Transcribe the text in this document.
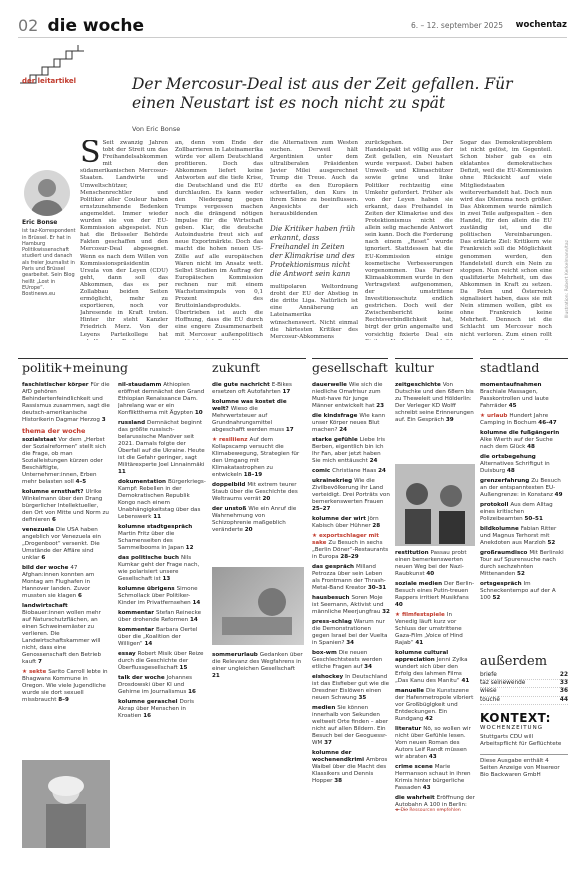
02 die woche	6. – 12. september 2025 wochentaz
der leitartikel	Der Mercosur-Deal ist aus der Zeit gefallen. Für einen Neustart ist es noch nicht zu spät
Von Eric Bonse
Eric Bonse
ist taz-Korrespondent in Brüssel. Er hat in Hamburg Politikwissenschaft studiert und danach als freier Journalist in Paris und Brüssel gearbeitet. Sein Blog heißt „Lost in EUrope“. Bostinews.eu
S Seit zwanzig Jahren tobt der Streit um das Freihandelsabkommen mit den südamerikanischen Mercosur-Staaten. Landwirte und Umweltschützer, Menschenrechtler und Politiker aller Couleur haben ernstzunehmende Bedenken angemeldet. Immer wieder wurden sie von der EU-Kommission abgespeist. Nun hat die Brüsseler Behörde Fakten geschaffen und den Mercosur-Deal abgesegnet. Wenn es nach dem Willen von Kommissionspräsidentin Ursula von der Leyen (CDU) geht, dann soll das Abkommen, das es per Zollabbau beiden Seiten ermöglicht, mehr zu exportieren, noch vor Jahresende in Kraft treten. Hinter ihr steht Kanzler Friedrich Merz. Von der Leyens Parteikollege hat
an, denn vom Ende der Zollbarrieren in Lateinamerika würde vor allem Deutschland profitieren. Doch das Abkommen liefert keine Antworten auf die tiefe Krise, die Deutschland und die EU durchlaufen. Es kann weder den Niedergang gegen Trumps vergessen machen noch die drängend nötigen Impulse für die Wirtschaft geben. Klar, die deutsche Autoindustrie freut sich auf neue Exportmärkte. Doch das macht die hohen neuen US-Zölle auf alle europäischen Waren nicht im Ansatz wett. Selbst Studien im Auftrag der Europäischen Kommission rechnen nur mit einem Wachstumsimpuls von 0,1 Prozent des Bruttoinlandsprodukts. Übertrieben ist auch die Hoffnung, dass die EU durch eine engere Zusammenarbeit mit Mercosur außenpolitisch
die Alternativen zum Westen suchen. Derweil hält Argentinien unter dem ultraliberalen Präsidenten Javier Milei ausgerechnet Trump die Treue. Auch da dürfte es den Europäern schwerfallen, den Kurs in ihrem Sinne zu beeinflussen. Angesichts der sich herausbildenden
Die Kritiker haben früh erkannt, dass Freihandel in Zeiten der Klimakrise und des Protektionismus nicht die Antwort sein kann
multipolaren Weltordnung droht der EU der Abstieg in die dritte Liga. Natürlich ist eine Annäherung an Lateinamerika wünschenswert. Nicht einmal die härtesten Kritiker des Mercosur-Abkommens
zurückgehen. Der Handelspakt ist völlig aus der Zeit gefallen, ein Neustart wurde verpasst. Dabei haben Umwelt- und Klimaschützer sowie grüne und linke Politiker rechtzeitig eine Umkehr gefordert. Früher als von der Leyen haben sie erkannt, dass Freihandel in Zeiten der Klimakrise und des Protektionismus nicht die allein selig machende Antwort sein kann. Doch die Forderung nach einem „Reset“ wurde ignoriert. Stattdessen hat die EU-Kommission einige kosmetische Verbesserungen vorgenommen. Das Pariser Klimaabkommen wurde in den Vertragstext aufgenommen, der umstrittene Investitionsschutz endlich gestrichen. Doch weil der Zwischenbericht keine Rechtsverbindlichkeit hat, birgt der grün angemalte und vorsichtig fixierte Deal ein
Sogar das Demokratieproblem ist nicht gelöst, im Gegenteil. Schon bisher gab es ein eklatantes demokratisches Defizit, weil die EU-Kommission ohne Rücksicht auf viele Mitgliedstaaten weiterverhandelt hat. Doch nun wird das Dilemma noch größer. Das Abkommen wurde nämlich in zwei Teile aufgespalten – den Handel, für den allein die EU zuständig ist, und die politischen Vereinbarungen. Das erklärte Ziel: Kritikern wie Frankreich soll die Möglichkeit genommen werden, den Handelsteil durch ein Nein zu stoppen. Nun reicht schon eine qualifizierte Mehrheit, um das Abkommen in Kraft zu setzen. Da Polen und Österreich signalisiert haben, dass sie mit Nein stimmen wollen, gibt es ohne Frankreich keine Mehrheit. Dennoch ist die Schlacht um Mercosur noch nicht verloren. Zum einen rollt
Illustration: Robert Kerkelmann/taz
politik+meinung	zukunft	gesellschaft kultur	stadtland
faschistischer körper Für die AfD gehören Behindertenfeindlichkeit und Rassismus zusammen, sagt die deutsch-amerikanische Historikerin Dagmar Herzog 3
thema der woche
sozialstaat Vor dem „Herbst der Sozialreformen“ stellt sich die Frage, ob man Sozialleistungen kürzen oder Beschäftigte, Unternehmer:innen, Erben mehr belasten soll 4–5
kolumne ernsthaft? Ulrike Winkelmann über den Drang bürgerlicher Intellektueller, den Ort von Mitte und Norm zu definieren 6
venezuela Die USA haben angeblich vor Venezuela ein „Drogenboot“ versenkt. Die Umstände der Affäre sind unklar 6
bild der woche 47 Afghan:innen konnten am Montag am Flughafen in Hannover landen. Zuvor mussten sie klagen 6
landwirtschaft Biobauer:innen wollen mehr auf Naturschutzflächen, an einen Schweinemäster zu verlieren. Die Landwirtschaftskammer will nicht, dass eine Genossenschaft den Betrieb kauft 7
★ sekte Sarito Carroll lebte in Bhagwans Kommune in Oregon. Wie viele Jugendliche wurde sie dort sexuell missbraucht 8–9
nil-staudamm Äthiopien eröffnet demnächst den Grand Ethiopian Renaissance Dam. Jahrelang war er ein Konfliktthema mit Ägypten 10
russland Demnächst beginnt das größte russisch-belarussische Manöver seit 2021. Damals folgte der Überfall auf die Ukraine. Heute ist die Gefahr geringer, sagt Militärexperte Joel Linnainmäki 11
dokumentation Bürgerkriegs-Kampf: Rebellen in der Demokratischen Republik Kongo nach einem Unabhängigkeitstag über das Lebenswerk 11
kolumne stadtgespräch Martin Fritz über die Schamenseiten des Sammelbooms in Japan 12
das politische buch Nils Kumkar geht der Frage nach, wie polarisiert unsere Gesellschaft ist 13
kolumne übrigens Simone Schmollack über Politiker-Kinder im Privatfernsehen 14
kommentar Stefan Reinecke über drohende Reformen 14
kommentar Barbara Oertel über die „Koalition der Willigen“ 14
essay Robert Misik über Reize durch die Geschichte der Überflussgesellschaft 15
talk der woche Johannes Drosdowski über KI und Gehirne im Journalismus 16
kolumne geraschel Doris Akrap über Menschen in Kroatien 16
die gute nachricht E-Bikes ersetzen oft Autofahrten 17
kolumne was kostet die welt? Wieso die Mehrwertsteuer auf Grundnahrungsmittel abgeschafft werden muss 17
★ resiliienz Auf dem Kollapscamp versucht die Klimabewegung, Strategien für den Umgang mit Klimakatastrophen zu entwickeln 18–19
doppelbild Mit extrem teurer Staub über die Geschichte des Weltraums verrät 20
der unstoß Wie ein Anruf die Wahrnehmung von Schizophrenie maßgeblich veränderte 20
sommerurlaub Gedanken über die Relevanz des Wegfahrens in einer ungleichen Gesellschaft 21
dauerwelle Wie sich die niedliche Omafrisur zum Must-have für junge Männer entwickelt hat 23
die kindsfrage Wie kann unser Körper neues Blut machen? 24
starke gefühle Liebe Iris Berben, eigentlich bin ich Ihr Fan, aber jetzt haben Sie mich enttäuscht 24
comic Christiane Haas 24
ukrainekrieg Wie die Zivilbevölkerung ihr Land verteidigt. Drei Porträts von bemerkenswerten Frauen 25–27
kolumne der wirt Jörn Kabisch über Hühner 28
★ exportschlager mit sake Zu Besuch in sechs „Berlin Döner“-Restaurants in Europa 28–29
das gespräch Milland Petrozza über sein Leben als Frontmann der Thrash-Metal-Band Kreator 30–31
hausbesuch Soren Moje ist Seemann, Aktivist und männliche Meerjungfrau 32
press-schlag Warum nur die Demonstrationen gegen Israel bei der Vuelta in Spanien? 34
box-wm Die neuen Geschlechtstests werden etliche Fragen auf 34
eishockey In Deutschland ist das Eisfieber gut wie die Dresdner Eislöwen einen neuen Schwung 35
medien Sie können innerhalb von Sekunden weltweit Orte finden – aber nicht auf allen Bildern. Ein Besuch bei der Geoguessr-WM 37
kolumne der wochenendkrimi Ambros Waibel über die Macht des Klassikers und Dennis Hopper 38
zeitgeschichte Von Dutschke und den 68ern bis zu Theweleit und Hölderlin: Der Verleger KD Wolff schreibt seine Erinnerungen auf. Ein Gespräch 39
restitution Passau probt einen bemerkenswerten neuen Weg bei der Nazi-Raubkunst 40
soziale medien Der Berlin-Besuch eines Putin-treuen Rappers irritiert Musikfans 40
★ filmfestspiele In Venedig läuft kurz vor Schluss der umstrittene Gaza-Film „Voice of Hind Rajab“ 41
kolumne cultural appreciation Jenni Zylka wundert sich über den Erfolg des lahmen Films „Das Kanu des Manitu“ 41
manuelle Die Kunstszene der Hafenmetropole vibriert vor Großbüglgkeit und Entdeckungen. Ein Rundgang 42
literatur Nö, so wollen wir nicht über Gefühle lesen. Vom neuen Roman des Autors Leif Randt müssen wir abraten 43
crime scene Marie Hermanson schaut in ihren Krimis hinter bürgerliche Fassaden 43
die wahrheit Eröffnung der Autobahn A 100 in Berlin:
momentaufnahmen Brachiale Massagen, Passkontrollen und laute Fahrräder 45
★ urlaub Hundert Jahre Camping in Bochum 46–47
kolumne die fußgängerin Alke Wierth auf der Suche nach dem Glück 48
die ortsbegehung Alternatives Schriftgut in Duisburg 48
grenzerfahrung Zu Besuch an der entspanntesten EU-Außengrenze: in Konstanz 49
protokoll Aus dem Alltag eines kritischen Polizeibeamten 50–51
bildkolumne Fabian Ritter und Magnus Terhorst mit Anekdoten aus Marzloh 52
großraumdisco Mit Berlinski Tour auf Spurensuche nach durch sechzehnten Mittenanden 52
ortsgespräch Im Schneckentempo auf der A 100 52
außerdem
briefe	22
taz seinewende	33
wiese	36
touché	44
KONTEXT:
WOCHENZEITUNG
Stuttgarts CDU will Arbeitspflicht für Geflüchtete
Diese Ausgabe enthält 4 Seiten Anzeige von Misereor Bio Backwaren GmbH
★ Die Ressourcen empfehlen
